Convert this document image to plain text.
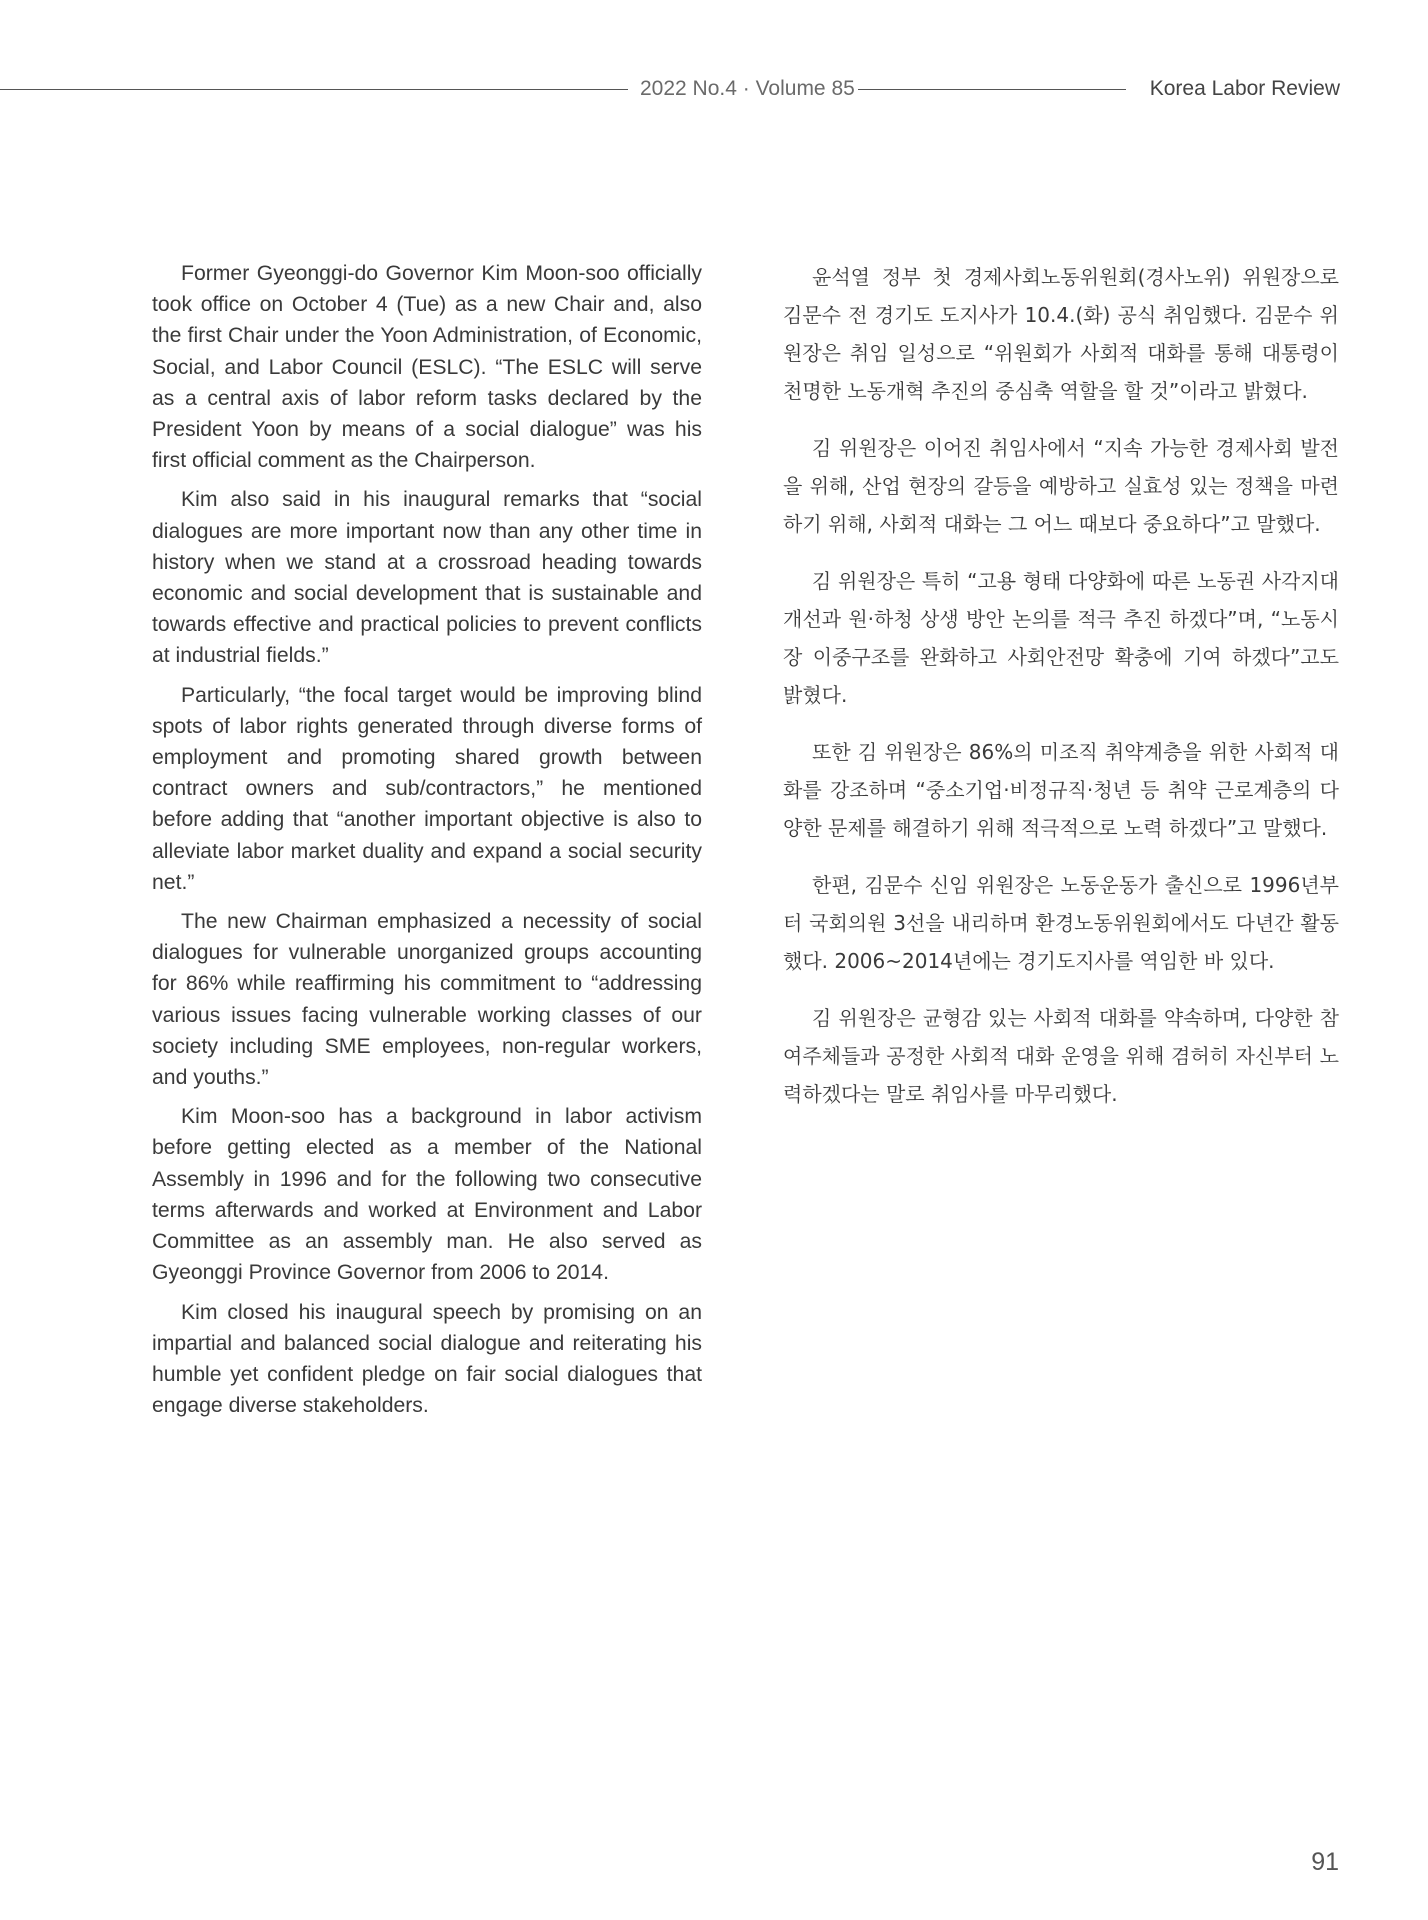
2022 No.4 · Volume 85	Korea Labor Review

Former Gyeonggi-do Governor Kim Moon-soo officially took office on October 4 (Tue) as a new Chair and, also the first Chair under the Yoon Administration, of Economic, Social, and Labor Council (ESLC). “The ESLC will serve as a central axis of labor reform tasks declared by the President Yoon by means of a social dialogue” was his first official comment as the Chairperson.

Kim also said in his inaugural remarks that “social dialogues are more important now than any other time in history when we stand at a crossroad heading towards economic and social development that is sustainable and towards effective and practical policies to prevent conflicts at industrial fields.”

Particularly, “the focal target would be improving blind spots of labor rights generated through diverse forms of employment and promoting shared growth between contract owners and sub/contractors,” he mentioned before adding that “another important objective is also to alleviate labor market duality and expand a social security net.”

The new Chairman emphasized a necessity of social dialogues for vulnerable unorganized groups accounting for 86% while reaffirming his commitment to “addressing various issues facing vulnerable working classes of our society including SME employees, non-regular workers, and youths.”

Kim Moon-soo has a background in labor activism before getting elected as a member of the National Assembly in 1996 and for the following two consecutive terms afterwards and worked at Environment and Labor Committee as an assembly man. He also served as Gyeonggi Province Governor from 2006 to 2014.

Kim closed his inaugural speech by promising on an impartial and balanced social dialogue and reiterating his humble yet confident pledge on fair social dialogues that engage diverse stakeholders.

윤석열 정부 첫 경제사회노동위원회(경사노위) 위원장으로 김문수 전 경기도 도지사가 10.4.(화) 공식 취임했다. 김문수 위원장은 취임 일성으로 “위원회가 사회적 대화를 통해 대통령이 천명한 노동개혁 추진의 중심축 역할을 할 것”이라고 밝혔다.

김 위원장은 이어진 취임사에서 “지속 가능한 경제사회 발전을 위해, 산업 현장의 갈등을 예방하고 실효성 있는 정책을 마련하기 위해, 사회적 대화는 그 어느 때보다 중요하다”고 말했다.

김 위원장은 특히 “고용 형태 다양화에 따른 노동권 사각지대 개선과 원·하청 상생 방안 논의를 적극 추진 하겠다”며, “노동시장 이중구조를 완화하고 사회안전망 확충에 기여 하겠다”고도 밝혔다.

또한 김 위원장은 86%의 미조직 취약계층을 위한 사회적 대화를 강조하며 “중소기업·비정규직·청년 등 취약 근로계층의 다양한 문제를 해결하기 위해 적극적으로 노력 하겠다”고 말했다.

한편, 김문수 신임 위원장은 노동운동가 출신으로 1996년부터 국회의원 3선을 내리하며 환경노동위원회에서도 다년간 활동했다. 2006~2014년에는 경기도지사를 역임한 바 있다.

김 위원장은 균형감 있는 사회적 대화를 약속하며, 다양한 참여주체들과 공정한 사회적 대화 운영을 위해 겸허히 자신부터 노력하겠다는 말로 취임사를 마무리했다.

91
